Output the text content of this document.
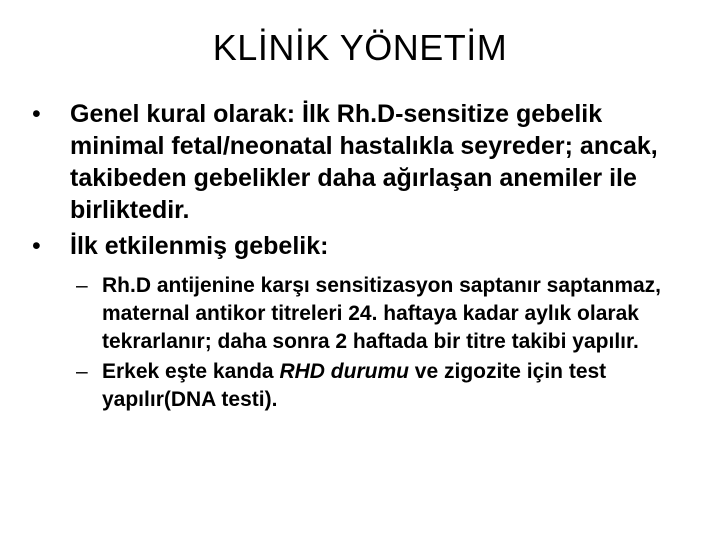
KLİNİK YÖNETİM
• Genel kural olarak: İlk Rh.D-sensitize gebelik minimal fetal/neonatal hastalıkla seyreder; ancak, takibeden gebelikler daha ağırlaşan anemiler ile birliktedir.
• İlk etkilenmiş gebelik:
– Rh.D antijenine karşı sensitizasyon saptanır saptanmaz, maternal antikor titreleri 24. haftaya kadar aylık olarak tekrarlanır; daha sonra 2 haftada bir titre takibi yapılır.
– Erkek eşte kanda RHD durumu ve zigozite için test yapılır(DNA testi).
